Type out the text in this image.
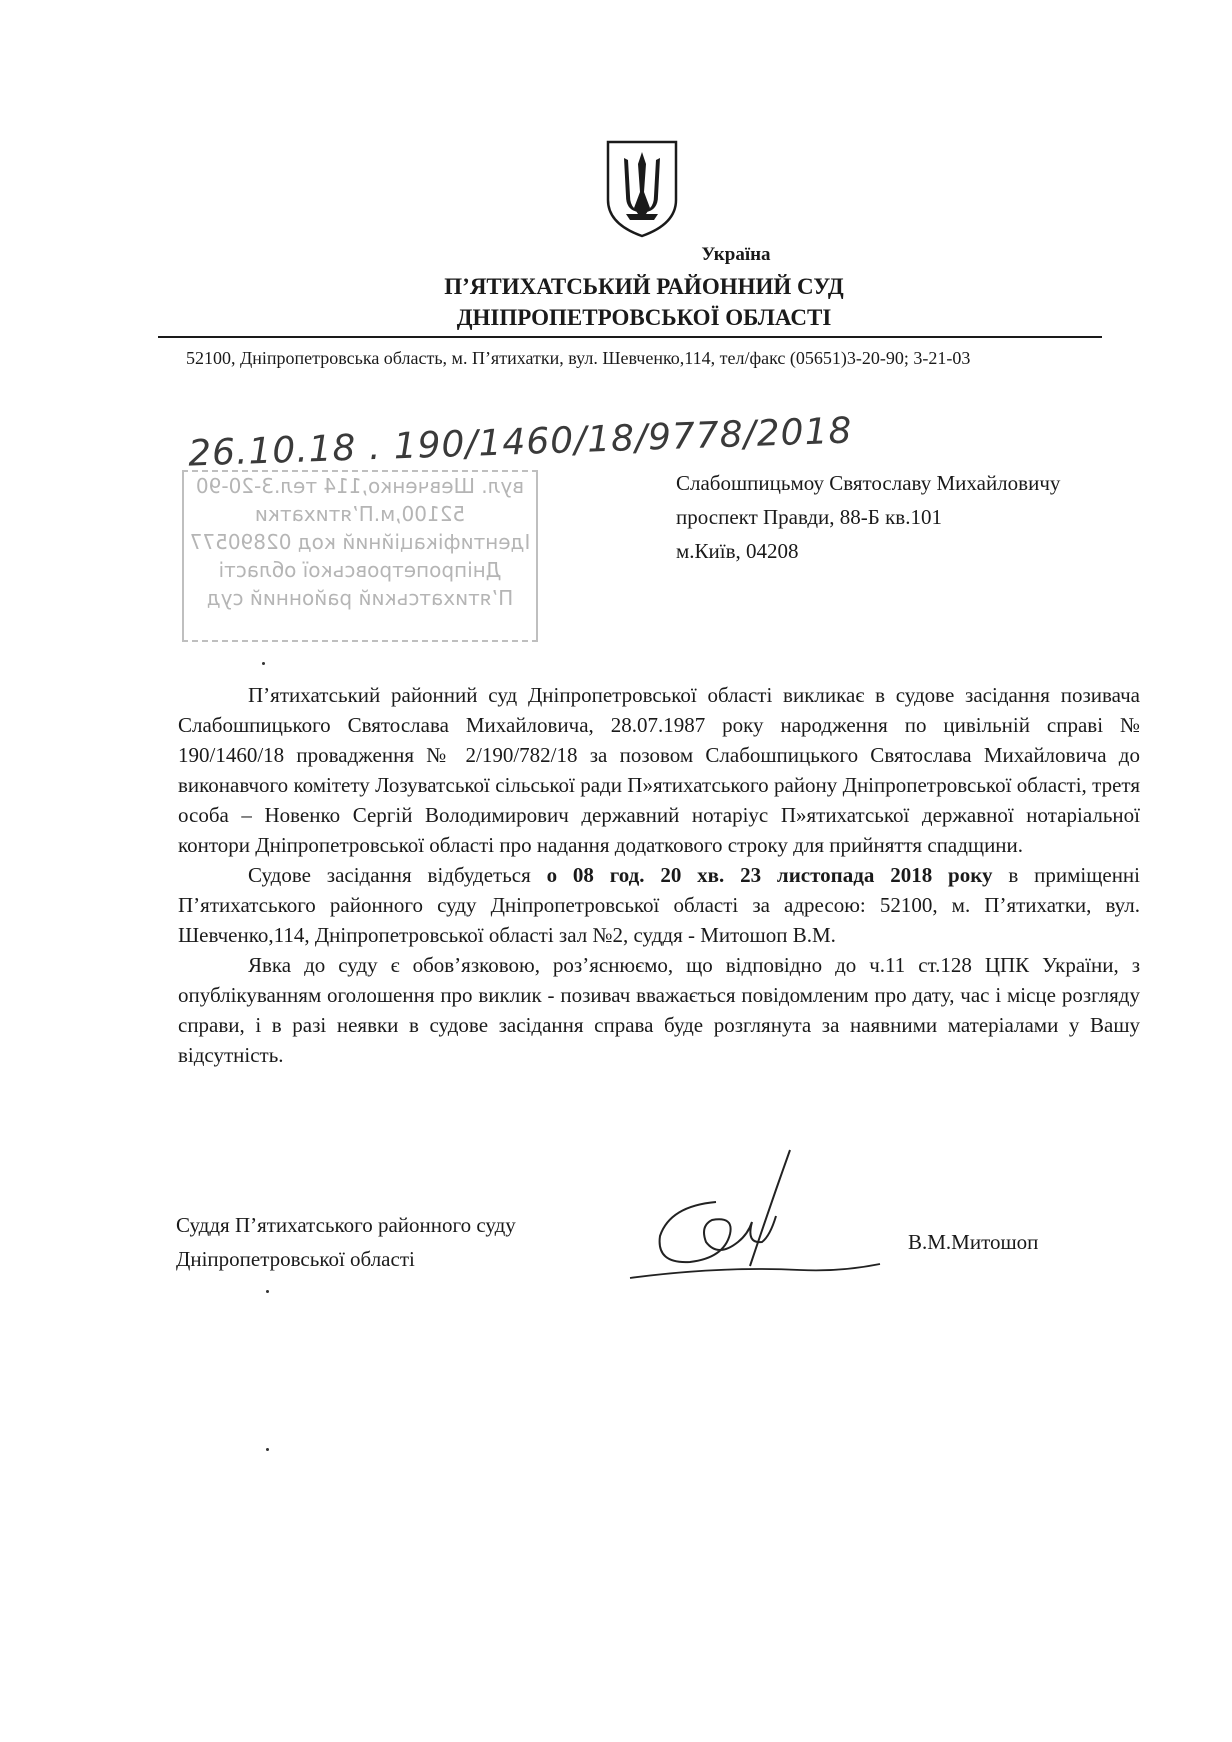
Україна
П’ЯТИХАТСЬКИЙ РАЙОННИЙ СУД
ДНІПРОПЕТРОВСЬКОЇ ОБЛАСТІ
52100, Дніпропетровська область, м. П’ятихатки, вул. Шевченко,114, тел/факс (05651)3-20-90; 3-21-03
26.10.18 . 190/1460/18/9778/2018
вул. Шевченко,114 тел.3-20-90
52100,м.П’ятихатки
Ідентифікаційний код 02890577
Дніпропетровської області
П’ятихатський районний суд
Слабошпицьмоу Святославу Михайловичу
проспект Правди, 88-Б кв.101
м.Київ, 04208

П’ятихатський районний суд Дніпропетровської області викликає в судове засідання позивача Слабошпицького Святослава Михайловича, 28.07.1987 року народження по цивільній справі № 190/1460/18 провадження № 2/190/782/18 за позовом Слабошпицького Святослава Михайловича до виконавчого комітету Лозуватської сільської ради П»ятихатського району Дніпропетровської області, третя особа – Новенко Сергій Володимирович державний нотаріус П»ятихатської державної нотаріальної контори Дніпропетровської області про надання додаткового строку для прийняття спадщини.

Судове засідання відбудеться о 08 год. 20 хв. 23 листопада 2018 року в приміщенні П’ятихатського районного суду Дніпропетровської області за адресою: 52100, м. П’ятихатки, вул. Шевченко,114, Дніпропетровської області зал №2, суддя - Митошоп В.М.

Явка до суду є обов’язковою, роз’яснюємо, що відповідно до ч.11 ст.128 ЦПК України, з опублікуванням оголошення про виклик - позивач вважається повідомленим про дату, час і місце розгляду справи, і в разі неявки в судове засідання справа буде розглянута за наявними матеріалами у Вашу відсутність.

Суддя П’ятихатського районного суду
Дніпропетровської області
В.М.Митошоп
